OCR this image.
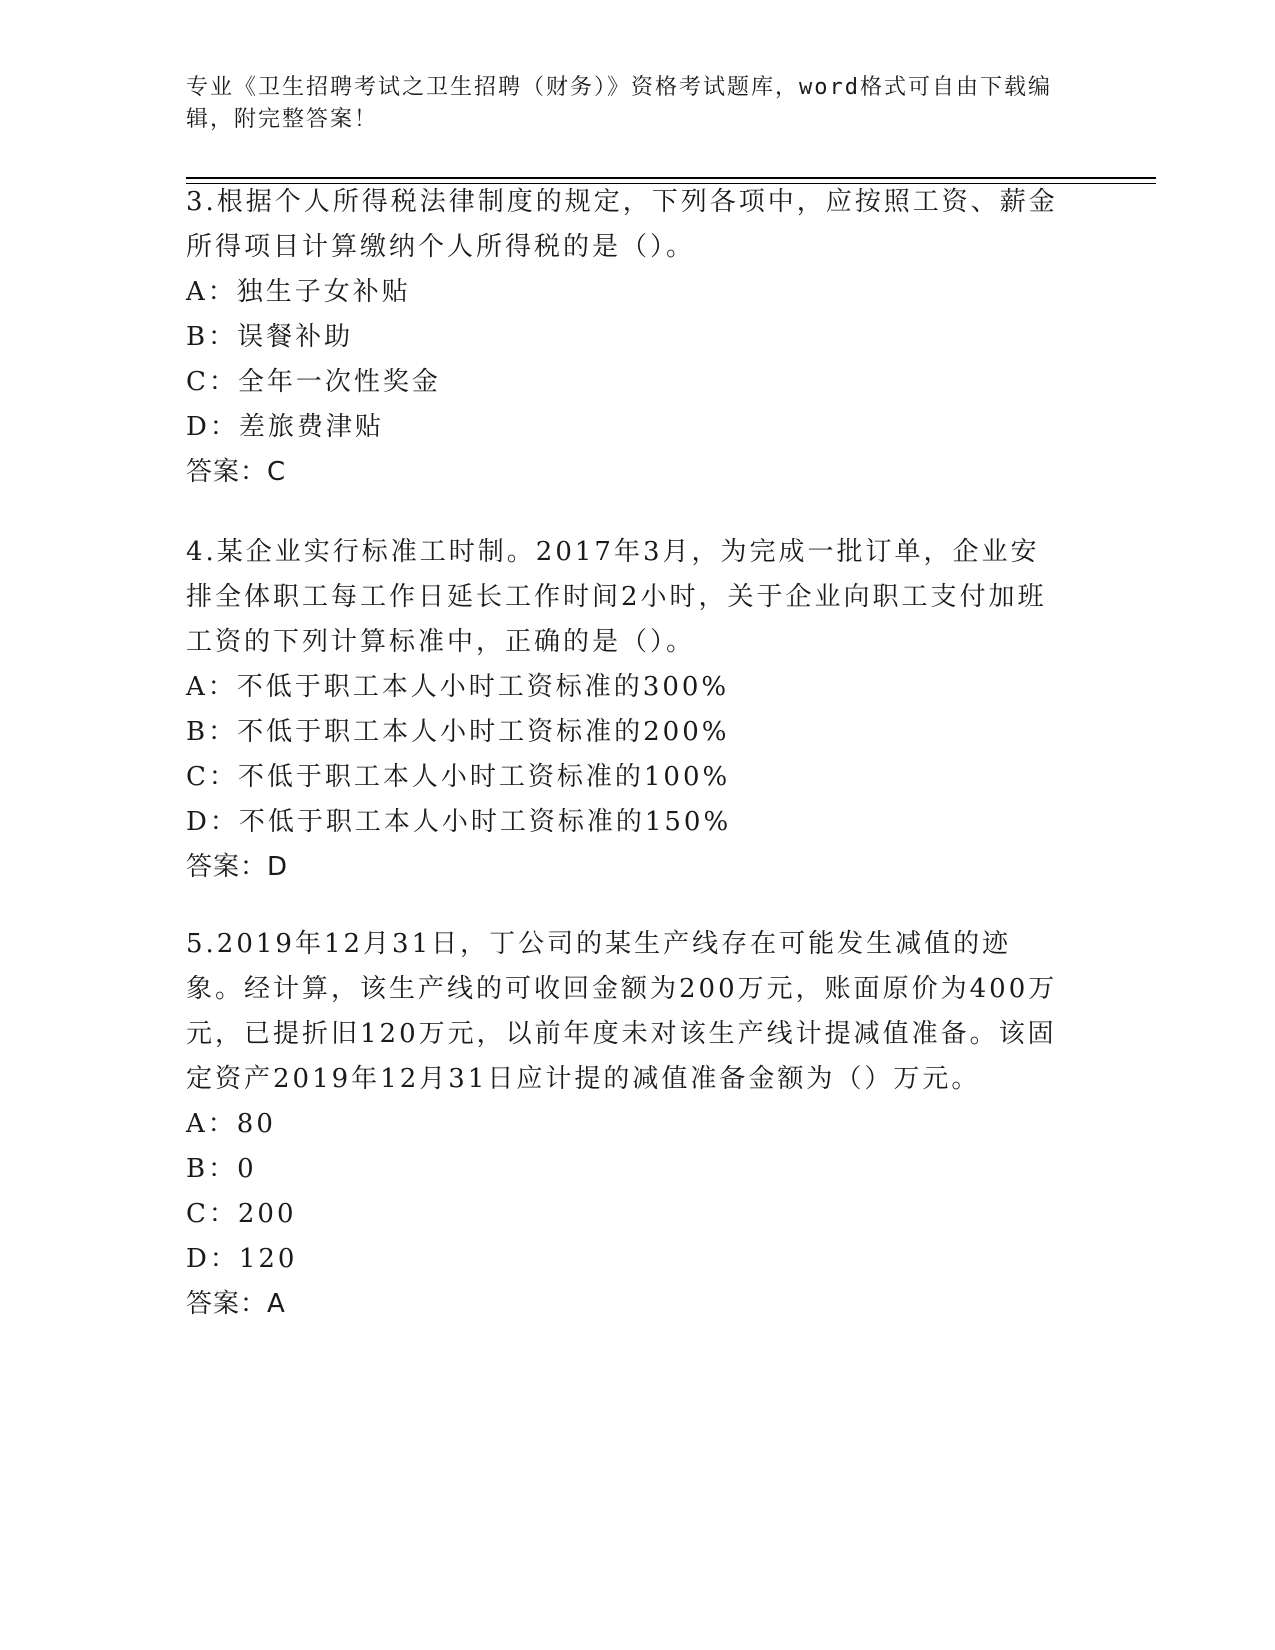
专业《卫生招聘考试之卫生招聘（财务）》资格考试题库，word格式可自由下载编辑，附完整答案！
3.根据个人所得税法律制度的规定，下列各项中，应按照工资、薪金所得项目计算缴纳个人所得税的是（）。
A：独生子女补贴
B：误餐补助
C：全年一次性奖金
D：差旅费津贴
答案：C
4.某企业实行标准工时制。2017年3月，为完成一批订单，企业安排全体职工每工作日延长工作时间2小时，关于企业向职工支付加班工资的下列计算标准中，正确的是（）。
A：不低于职工本人小时工资标准的300%
B：不低于职工本人小时工资标准的200%
C：不低于职工本人小时工资标准的100%
D：不低于职工本人小时工资标准的150%
答案：D
5.2019年12月31日，丁公司的某生产线存在可能发生减值的迹象。经计算，该生产线的可收回金额为200万元，账面原价为400万元，已提折旧120万元，以前年度未对该生产线计提减值准备。该固定资产2019年12月31日应计提的减值准备金额为（）万元。
A：80
B：0
C：200
D：120
答案：A
